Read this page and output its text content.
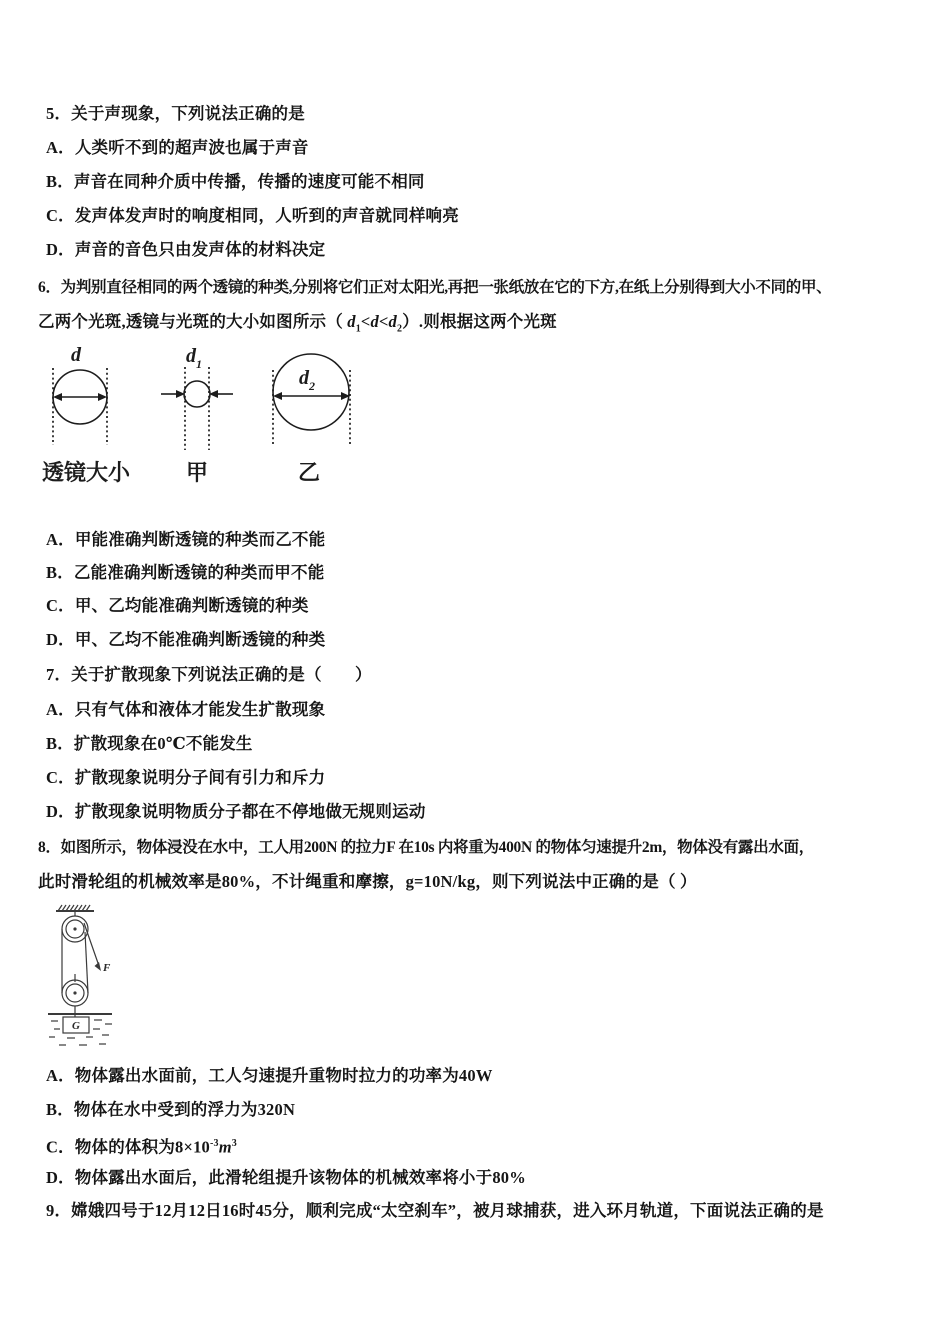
5．关于声现象，下列说法正确的是
A．人类听不到的超声波也属于声音
B．声音在同种介质中传播，传播的速度可能不相同
C．发声体发声时的响度相同，人听到的声音就同样响亮
D．声音的音色只由发声体的材料决定
6．为判别直径相同的两个透镜的种类,分别将它们正对太阳光,再把一张纸放在它的下方,在纸上分别得到大小不同的甲、
乙两个光斑,透镜与光斑的大小如图所示（ $d_1<d<d_2$）.则根据这两个光斑
d	$d_1$
$d_2$
透镜大小	甲	乙
A．甲能准确判断透镜的种类而乙不能
B．乙能准确判断透镜的种类而甲不能
C．甲、乙均能准确判断透镜的种类
D．甲、乙均不能准确判断透镜的种类
7．关于扩散现象下列说法正确的是（　　）
A．只有气体和液体才能发生扩散现象
B．扩散现象在0℃不能发生
C．扩散现象说明分子间有引力和斥力
D．扩散现象说明物质分子都在不停地做无规则运动
8．如图所示，物体浸没在水中，工人用200N 的拉力F 在10s 内将重为400N 的物体匀速提升2m，物体没有露出水面，
此时滑轮组的机械效率是80%，不计绳重和摩擦，g=10N/kg，则下列说法中正确的是（ ）
F
G
A．物体露出水面前，工人匀速提升重物时拉力的功率为40W
B．物体在水中受到的浮力为320N
C．物体的体积为$8\times 10^{-3}m^3$
D．物体露出水面后，此滑轮组提升该物体的机械效率将小于80%
9．嫦娥四号于12月12日16时45分，顺利完成“太空刹车”，被月球捕获，进入环月轨道，下面说法正确的是
